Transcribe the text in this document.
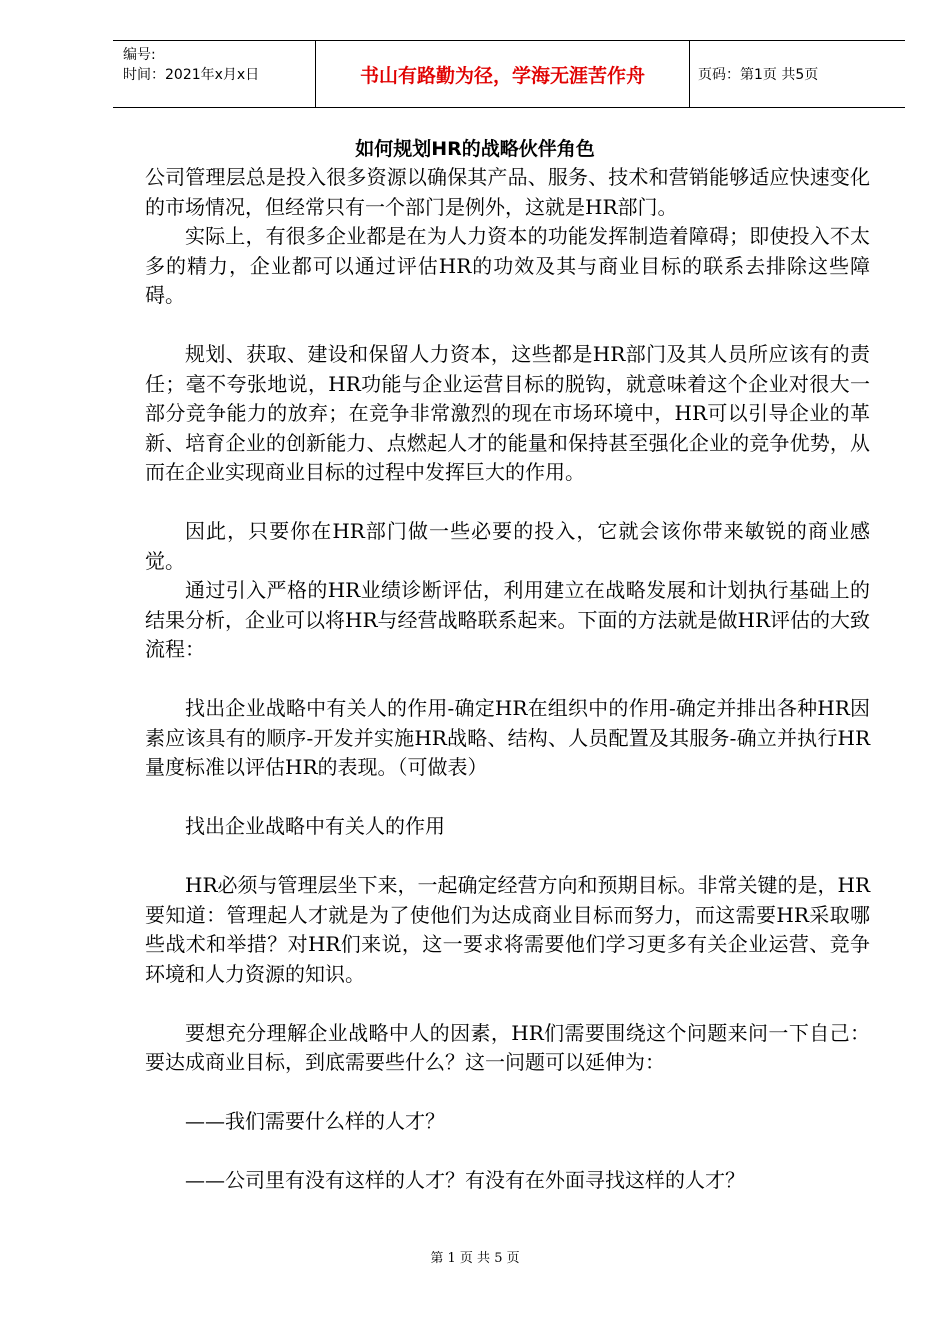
编号:
时间：2021年x月x日	书山有路勤为径，学海无涯苦作舟	页码：第1页 共5页
如何规划HR的战略伙伴角色

公司管理层总是投入很多资源以确保其产品、服务、技术和营销能够适应快速变化的市场情况，但经常只有一个部门是例外，这就是HR部门。

实际上，有很多企业都是在为人力资本的功能发挥制造着障碍；即使投入不太多的精力，企业都可以通过评估HR的功效及其与商业目标的联系去排除这些障碍。

规划、获取、建设和保留人力资本，这些都是HR部门及其人员所应该有的责任；毫不夸张地说，HR功能与企业运营目标的脱钩，就意味着这个企业对很大一部分竞争能力的放弃；在竞争非常激烈的现在市场环境中，HR可以引导企业的革新、培育企业的创新能力、点燃起人才的能量和保持甚至强化企业的竞争优势，从而在企业实现商业目标的过程中发挥巨大的作用。

因此，只要你在HR部门做一些必要的投入，它就会该你带来敏锐的商业感觉。

通过引入严格的HR业绩诊断评估，利用建立在战略发展和计划执行基础上的结果分析，企业可以将HR与经营战略联系起来。下面的方法就是做HR评估的大致流程：

找出企业战略中有关人的作用-确定HR在组织中的作用-确定并排出各种HR因素应该具有的顺序-开发并实施HR战略、结构、人员配置及其服务-确立并执行HR量度标准以评估HR的表现。（可做表）

找出企业战略中有关人的作用

HR必须与管理层坐下来，一起确定经营方向和预期目标。非常关键的是，HR要知道：管理起人才就是为了使他们为达成商业目标而努力，而这需要HR采取哪些战术和举措？对HR们来说，这一要求将需要他们学习更多有关企业运营、竞争环境和人力资源的知识。

要想充分理解企业战略中人的因素，HR们需要围绕这个问题来问一下自己：要达成商业目标，到底需要些什么？这一问题可以延伸为：

——我们需要什么样的人才？

——公司里有没有这样的人才？有没有在外面寻找这样的人才？

第 1 页 共 5 页
